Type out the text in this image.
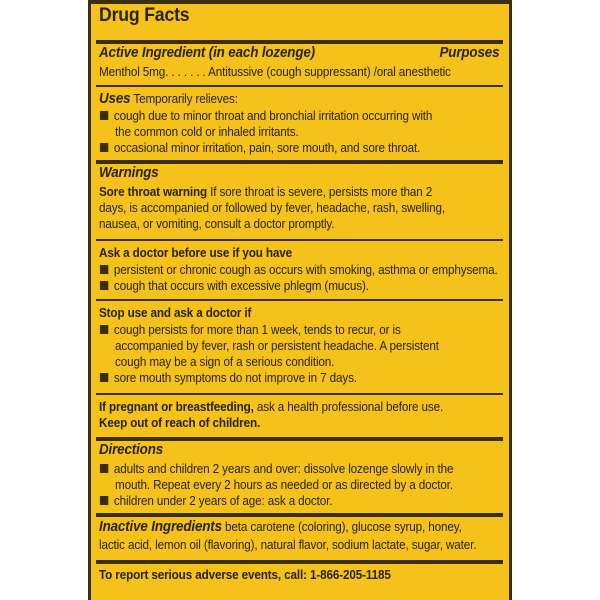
Drug Facts
Active Ingredient (in each lozenge)	Purposes
Menthol 5mg. . . . . . . Antitussive (cough suppressant) /oral anesthetic
Uses Temporarily relieves:
cough due to minor throat and bronchial irritation occurring with
the common cold or inhaled irritants.
occasional minor irritation, pain, sore mouth, and sore throat.
Warnings
Sore throat warning If sore throat is severe, persists more than 2
days, is accompanied or followed by fever, headache, rash, swelling,
nausea, or vomiting, consult a doctor promptly.
Ask a doctor before use if you have
persistent or chronic cough as occurs with smoking, asthma or emphysema.
cough that occurs with excessive phlegm (mucus).
Stop use and ask a doctor if
cough persists for more than 1 week, tends to recur, or is
accompanied by fever, rash or persistent headache. A persistent
cough may be a sign of a serious condition.
sore mouth symptoms do not improve in 7 days.
If pregnant or breastfeeding, ask a health professional before use.
Keep out of reach of children.
Directions
adults and children 2 years and over: dissolve lozenge slowly in the
mouth. Repeat every 2 hours as needed or as directed by a doctor.
children under 2 years of age: ask a doctor.
Inactive Ingredients beta carotene (coloring), glucose syrup, honey,
lactic acid, lemon oil (flavoring), natural flavor, sodium lactate, sugar, water.
To report serious adverse events, call: 1-866-205-1185
